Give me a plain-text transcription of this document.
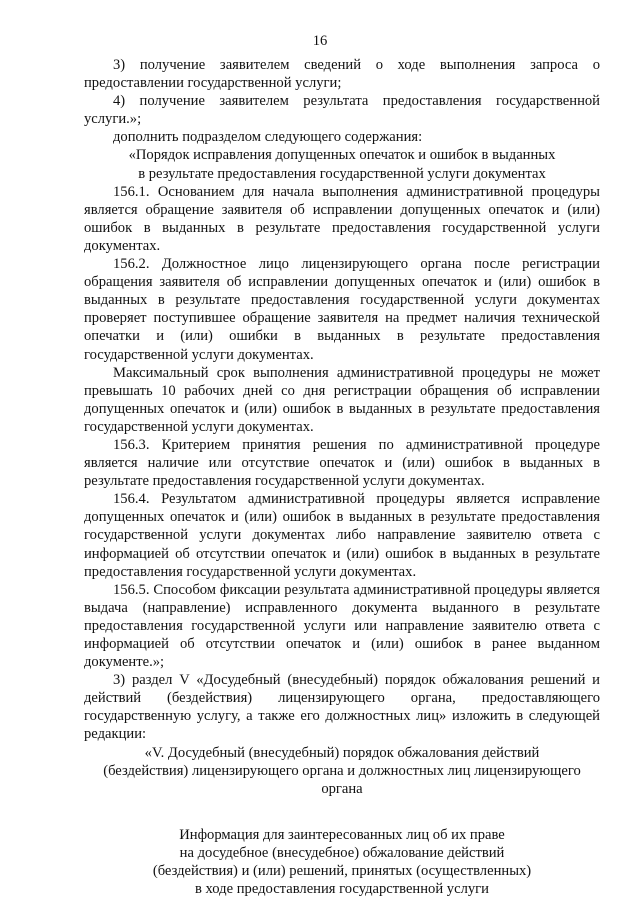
16

3) получение заявителем сведений о ходе выполнения запроса о предоставлении государственной услуги;

4) получение заявителем результата предоставления государственной услуги.»;

дополнить подразделом следующего содержания:

«Порядок исправления допущенных опечаток и ошибок в выданных

в результате предоставления государственной услуги документах

156.1. Основанием для начала выполнения административной процедуры является обращение заявителя об исправлении допущенных опечаток и (или) ошибок в выданных в результате предоставления государственной услуги документах.

156.2. Должностное лицо лицензирующего органа после регистрации обращения заявителя об исправлении допущенных опечаток и (или) ошибок в выданных в результате предоставления государственной услуги документах проверяет поступившее обращение заявителя на предмет наличия технической опечатки и (или) ошибки в выданных в результате предоставления государственной услуги документах.

Максимальный срок выполнения административной процедуры не может превышать 10 рабочих дней со дня регистрации обращения об исправлении допущенных опечаток и (или) ошибок в выданных в результате предоставления государственной услуги документах.

156.3. Критерием принятия решения по административной процедуре является наличие или отсутствие опечаток и (или) ошибок в выданных в результате предоставления государственной услуги документах.

156.4. Результатом административной процедуры является исправление допущенных опечаток и (или) ошибок в выданных в результате предоставления государственной услуги документах либо направление заявителю ответа с информацией об отсутствии опечаток и (или) ошибок в выданных в результате предоставления государственной услуги документах.

156.5. Способом фиксации результата административной процедуры является выдача (направление) исправленного документа выданного в результате предоставления государственной услуги или направление заявителю ответа с информацией об отсутствии опечаток и (или) ошибок в ранее выданном документе.»;

3) раздел V «Досудебный (внесудебный) порядок обжалования решений и действий (бездействия) лицензирующего органа, предоставляющего государственную услугу, а также его должностных лиц» изложить в следующей редакции:

«V. Досудебный (внесудебный) порядок обжалования действий

(бездействия) лицензирующего органа и должностных лиц лицензирующего

органа

Информация для заинтересованных лиц об их праве

на досудебное (внесудебное) обжалование действий

(бездействия) и (или) решений, принятых (осуществленных)

в ходе предоставления государственной услуги
